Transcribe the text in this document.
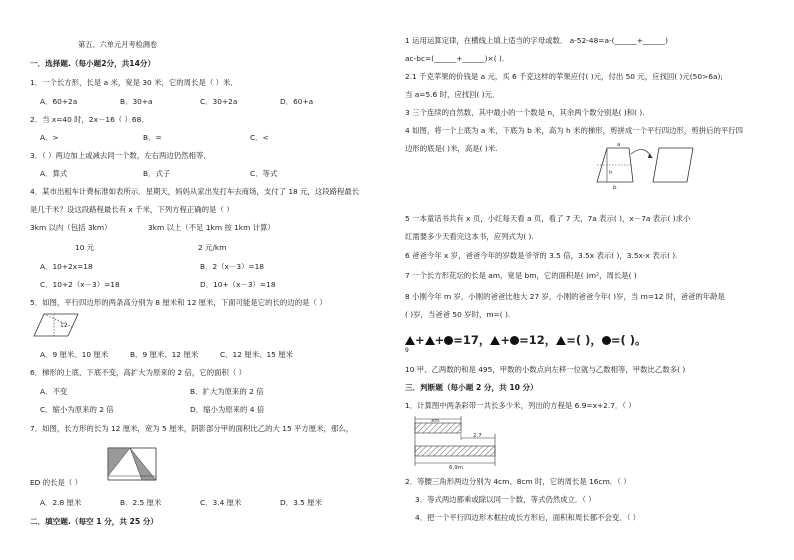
第五、六单元月考检测卷
一．选择题.（每小题2分，共14分）
1．一个长方形，长是 a 米，宽是 30 米，它的周长是（ ）米．
A．60+2a	B．30+a	C．30+2a	D．60+a
2．当 x=40 时，2x－16（ ）68．
A．>	B．=	C．<
3．（ ）两边加上或减去同一个数，左右两边仍然相等．
A．算式	B．式子	C．等式
4．某市出租车计费标准如表所示．星期天，妈妈从家出发打车去商场，支付了 18 元，这段路程最长
是几千米？设这段路程最长有 x 千米，下列方程正确的是（ ）
3km 以内（包括 3km）	3km 以上（不足 1km 按 1km 计算）
10 元	2 元/km
A．10+2x=18	B．2（x－3）=18
C．10+2（x－3）=18	D．10+（x－3）=18
5．如图，平行四边形的两条高分别为 8 厘米和 12 厘米，下面可能是它的长的边的是（ ）
12
A．9 厘米、10 厘米	B．9 厘米、12 厘米	C．12 厘米、15 厘米
6．梯形的上底、下底不变，高扩大为原来的 2 倍，它的面积（ ）
A．不变	B．扩大为原来的 2 倍
C．缩小为原来的 2 倍	D．缩小为原来的 4 倍
7．如图，长方形的长为 12 厘米，宽为 5 厘米，阴影部分甲的面积比乙的大 15 平方厘米，那么，
ED 的长是（ ）
A．2.8 厘米	B．2.5 厘米	C．3.4 厘米	D．3.5 厘米
二．填空题.（每空 1 分，共 25 分）
1 运用运算定律，在横线上填上适当的字母或数． a-52-48=a-(______+______)
ac-bc=(______+______)×( ).
2.1 千克苹果的价钱是 a 元，买 6 千克这样的苹果应付( )元，付出 50 元，应找回( )元(50>6a);
当 a=5.6 时，应找回( )元．
3 三个连续的自然数，其中最小的一个数是 n，其余两个数分别是( )和( ).
4 如图，将一个上底为 a 米，下底为 b 米，高为 h 米的梯形，剪拼成一个平行四边形，剪拼后的平行四
边形的底是( )米，高是( )米.	a
b
h
5 一本童话书共有 x 页，小红每天看 a 页，看了 7 天，7a 表示( )，x－7a 表示( )求小
红需要多少天看完这本书，应列式为( ).
6 爸爸今年 x 岁，爸爸今年的岁数是爷爷的 3.5 倍，3.5x 表示( )，3.5x-x 表示( ).
7 一个长方形花坛的长是 am，宽是 bm，它的面积是( )m²，周长是( )
8 小刚今年 m 岁，小刚的爸爸比他大 27 岁，小刚的爸爸今年( )岁，当 m=12 时，爸爸的年龄是
( )岁，当爸爸 50 岁时，m=( ).
+ + =17， + =12， =( )， =( )。
9
10 甲、乙两数的和是 495，甲数的小数点向左移一位就与乙数相等，甲数比乙数多( )
三．判断题（每小题 2 分，共 10 分）
1．计算图中两条彩带一共长多少米，列出的方程是 6.9=x+2.7．（ ）
xm
2.7
6.9m
2．等腰三角形两边分别为 4cm、8cm 时，它的周长是 16cm．（ ）
3．等式两边都乘或除以同一个数，等式仍然成立．（ ）
4．把一个平行四边形木框拉成长方形后，面积和周长都不会变．（ ）
